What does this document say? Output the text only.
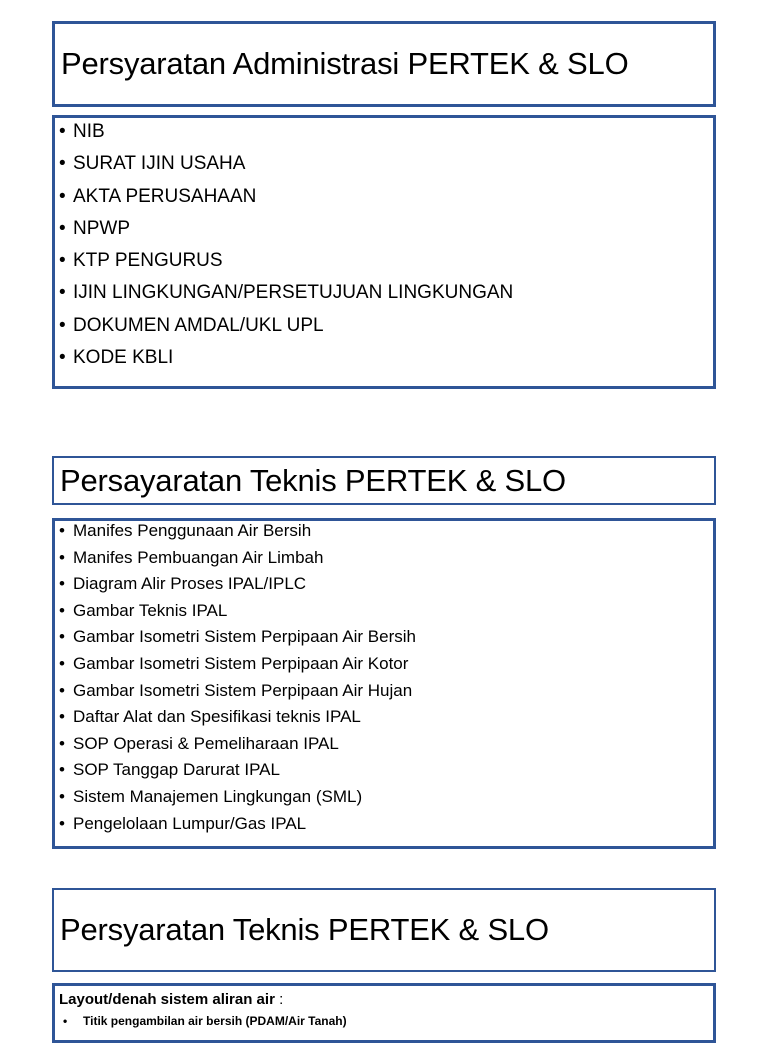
Persyaratan Administrasi PERTEK & SLO
• NIB
• SURAT IJIN USAHA
• AKTA PERUSAHAAN
• NPWP
• KTP PENGURUS
• IJIN LINGKUNGAN/PERSETUJUAN LINGKUNGAN
• DOKUMEN AMDAL/UKL UPL
• KODE KBLI
Persayaratan Teknis PERTEK & SLO
• Manifes Penggunaan Air Bersih
• Manifes Pembuangan Air Limbah
• Diagram Alir Proses IPAL/IPLC
• Gambar Teknis IPAL
• Gambar Isometri Sistem Perpipaan Air Bersih
• Gambar Isometri Sistem Perpipaan Air Kotor
• Gambar Isometri Sistem Perpipaan Air Hujan
• Daftar Alat dan Spesifikasi teknis IPAL
• SOP Operasi & Pemeliharaan IPAL
• SOP Tanggap Darurat IPAL
• Sistem Manajemen Lingkungan (SML)
• Pengelolaan Lumpur/Gas IPAL
Persyaratan Teknis PERTEK & SLO
Layout/denah sistem aliran air :
•	Titik pengambilan air bersih (PDAM/Air Tanah)
